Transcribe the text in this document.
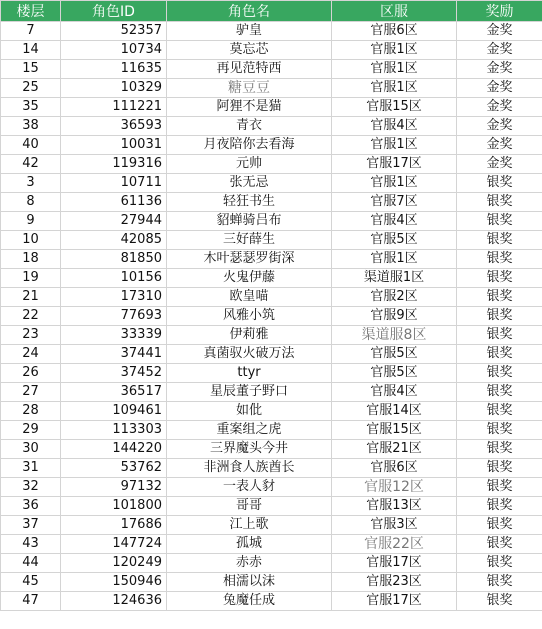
楼层	角色ID	角色名	区服	奖励
7	52357	驴皇	官服6区	金奖
14	10734	莫忘芯	官服1区	金奖
15	11635	再见范特西	官服1区	金奖
25	10329	糖豆豆	官服1区	金奖
35	111221	阿狸不是猫	官服15区	金奖
38	36593	青衣	官服4区	金奖
40	10031	月夜陪你去看海	官服1区	金奖
42	119316	元帅	官服17区	金奖
3	10711	张无忌	官服1区	银奖
8	61136	轻狂书生	官服7区	银奖
9	27944	貂蝉骑吕布	官服4区	银奖
10	42085	三好薛生	官服5区	银奖
18	81850	木叶瑟瑟罗街深	官服1区	银奖
19	10156	火鬼伊藤	渠道服1区	银奖
21	17310	欧皇喵	官服2区	银奖
22	77693	风雅小筑	官服9区	银奖
23	33339	伊莉雅	渠道服8区	银奖
24	37441	真菌驭火破万法	官服5区	银奖
26	37452	ttyr	官服5区	银奖
27	36517	星辰董子野口	官服4区	银奖
28	109461	如仳	官服14区	银奖
29	113303	重案组之虎	官服15区	银奖
30	144220	三界魔头今井	官服21区	银奖
31	53762	非洲食人族酋长	官服6区	银奖
32	97132	一表人豺	官服12区	银奖
36	101800	哥哥	官服13区	银奖
37	17686	江上歌	官服3区	银奖
43	147724	孤城	官服22区	银奖
44	120249	赤赤	官服17区	银奖
45	150946	相濡以沫	官服23区	银奖
47	124636	兔魔任成	官服17区	银奖
